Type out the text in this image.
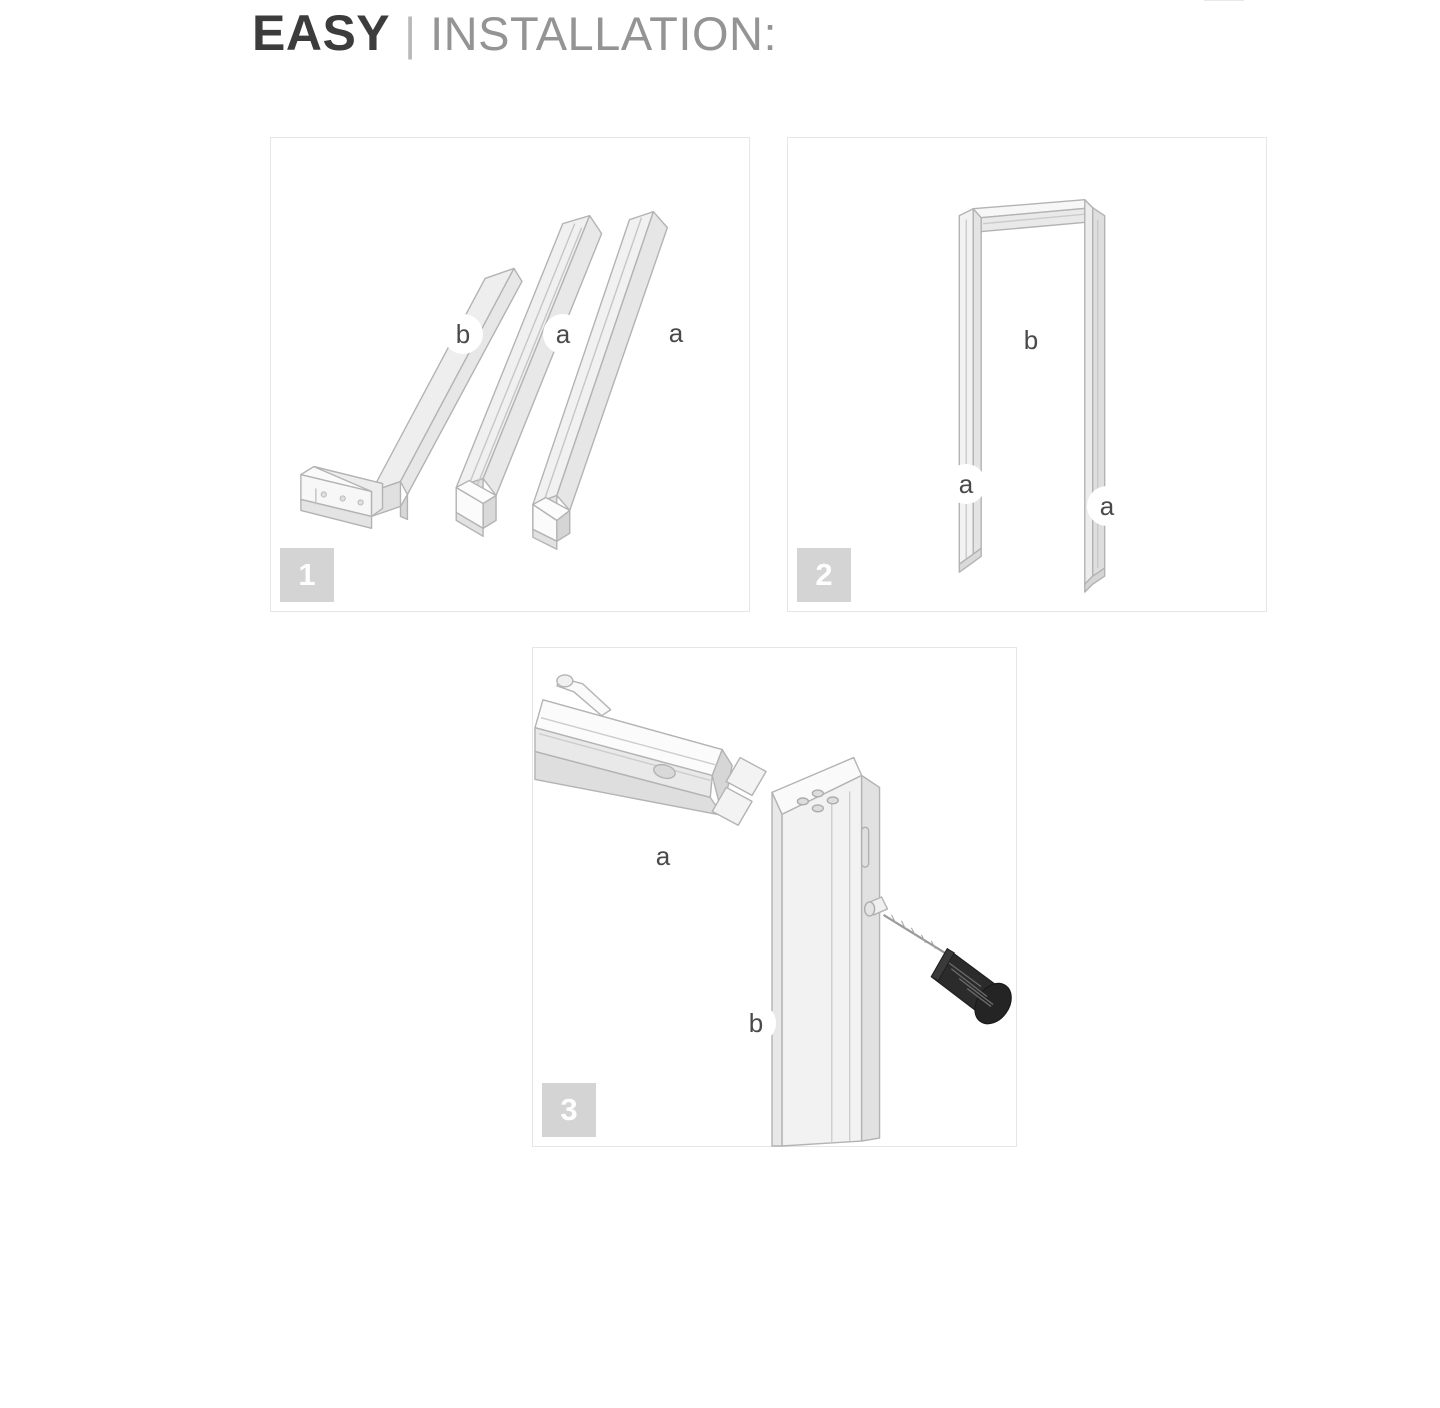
EASY | INSTALLATION:
b	a	a
1
b
a
a
2
a
b
3
